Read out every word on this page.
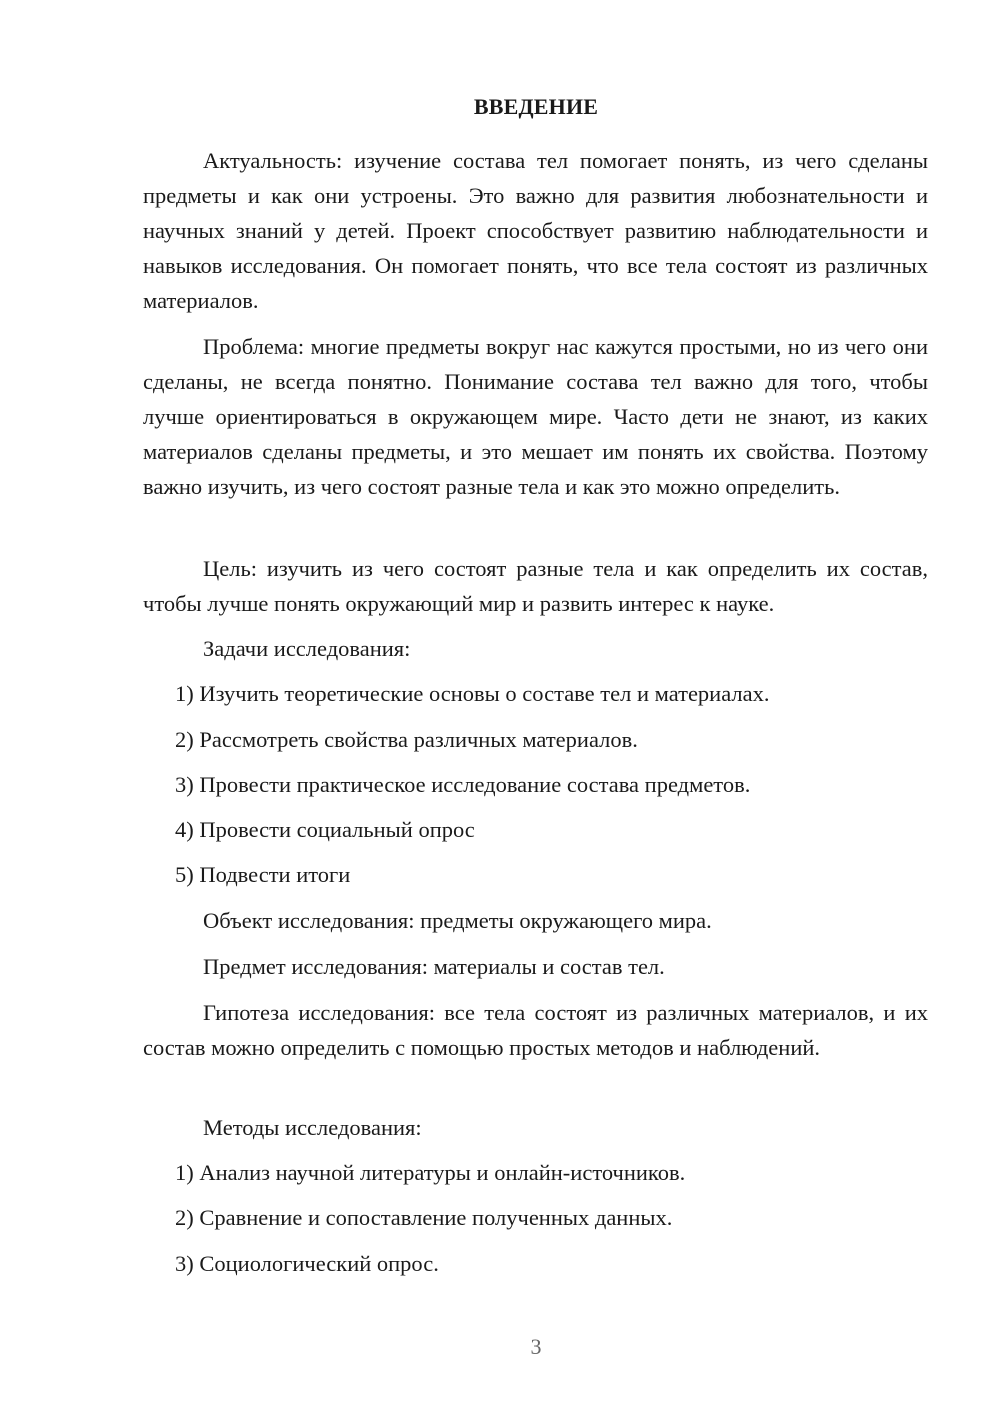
ВВЕДЕНИЕ

Актуальность: изучение состава тел помогает понять, из чего сделаны предметы и как они устроены. Это важно для развития любознательности и научных знаний у детей. Проект способствует развитию наблюдательности и навыков исследования. Он помогает понять, что все тела состоят из различных материалов.

Проблема: многие предметы вокруг нас кажутся простыми, но из чего они сделаны, не всегда понятно. Понимание состава тел важно для того, чтобы лучше ориентироваться в окружающем мире. Часто дети не знают, из каких материалов сделаны предметы, и это мешает им понять их свойства. Поэтому важно изучить, из чего состоят разные тела и как это можно определить.

Цель: изучить из чего состоят разные тела и как определить их состав, чтобы лучше понять окружающий мир и развить интерес к науке.

Задачи исследования:

1) Изучить теоретические основы о составе тел и материалах.

2) Рассмотреть свойства различных материалов.

3) Провести практическое исследование состава предметов.

4) Провести социальный опрос

5) Подвести итоги

Объект исследования: предметы окружающего мира.

Предмет исследования: материалы и состав тел.

Гипотеза исследования: все тела состоят из различных материалов, и их состав можно определить с помощью простых методов и наблюдений.

Методы исследования:

1) Анализ научной литературы и онлайн-источников.

2) Сравнение и сопоставление полученных данных.

3) Социологический опрос.

3
